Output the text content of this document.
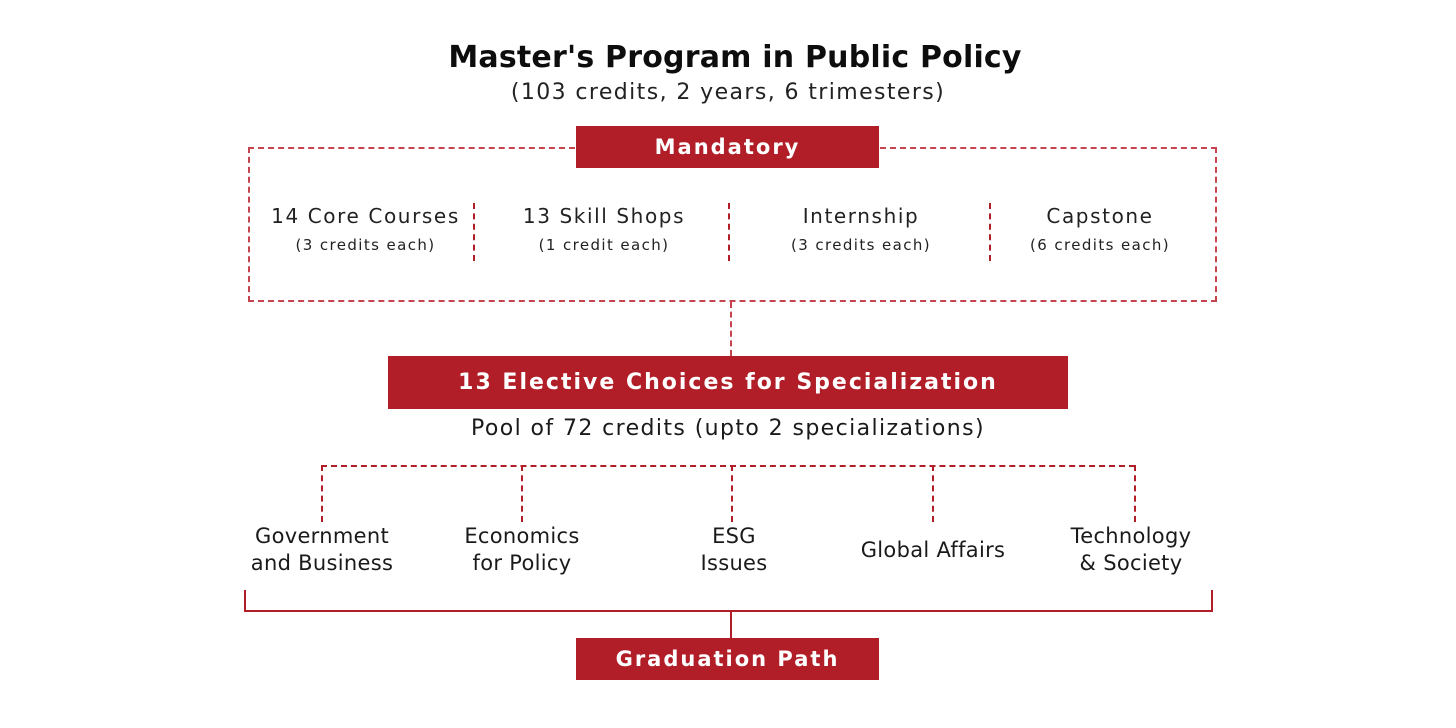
Master's Program in Public Policy
(103 credits, 2 years, 6 trimesters)
Mandatory
14 Core Courses
(3 credits each)
13 Skill Shops
(1 credit each)
Internship
(3 credits each)
Capstone
(6 credits each)
13 Elective Choices for Specialization
Pool of 72 credits (upto 2 specializations)
Government
and Business
Economics
for Policy
ESG
Issues
Global Affairs
Technology
& Society
Graduation Path
